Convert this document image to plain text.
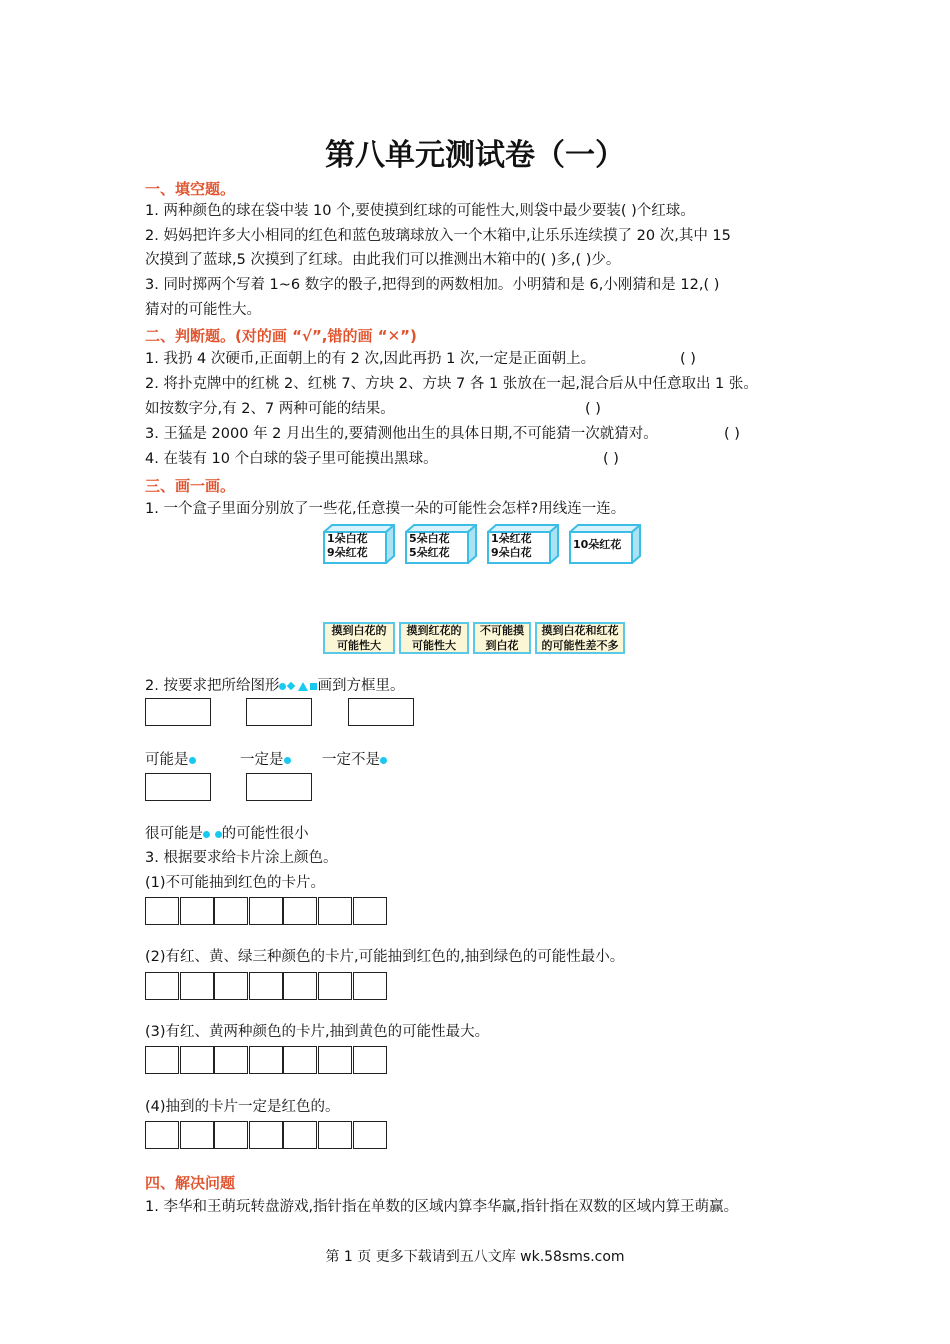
第八单元测试卷（一）
一、填空题。
1. 两种颜色的球在袋中装 10 个,要使摸到红球的可能性大,则袋中最少要装( )个红球。
2. 妈妈把许多大小相同的红色和蓝色玻璃球放入一个木箱中,让乐乐连续摸了 20 次,其中 15
次摸到了蓝球,5 次摸到了红球。由此我们可以推测出木箱中的( )多,( )少。
3. 同时掷两个写着 1~6 数字的骰子,把得到的两数相加。小明猜和是 6,小刚猜和是 12,( )
猜对的可能性大。
二、判断题。(对的画 “√”,错的画 “✕”)
1. 我扔 4 次硬币,正面朝上的有 2 次,因此再扔 1 次,一定是正面朝上。	( )
2. 将扑克牌中的红桃 2、红桃 7、方块 2、方块 7 各 1 张放在一起,混合后从中任意取出 1 张。
如按数字分,有 2、7 两种可能的结果。	( )
3. 王猛是 2000 年 2 月出生的,要猜测他出生的具体日期,不可能猜一次就猜对。	( )
4. 在装有 10 个白球的袋子里可能摸出黑球。	( )
三、画一画。
1. 一个盒子里面分别放了一些花,任意摸一朵的可能性会怎样?用线连一连。
1朵白花
9朵红花
5朵白花
5朵红花
1朵红花
9朵白花
10朵红花
摸到白花的
可能性大
摸到红花的
可能性大
不可能摸
到白花
摸到白花和红花
的可能性差不多
2. 按要求把所给图形	画到方框里。
可能是	一定是	一定不是
很可能是 的可能性很小
3. 根据要求给卡片涂上颜色。
(1)不可能抽到红色的卡片。
(2)有红、黄、绿三种颜色的卡片,可能抽到红色的,抽到绿色的可能性最小。
(3)有红、黄两种颜色的卡片,抽到黄色的可能性最大。
(4)抽到的卡片一定是红色的。
四、解决问题
1. 李华和王萌玩转盘游戏,指针指在单数的区域内算李华赢,指针指在双数的区域内算王萌赢。
第 1 页 更多下载请到五八文库 wk.58sms.com
